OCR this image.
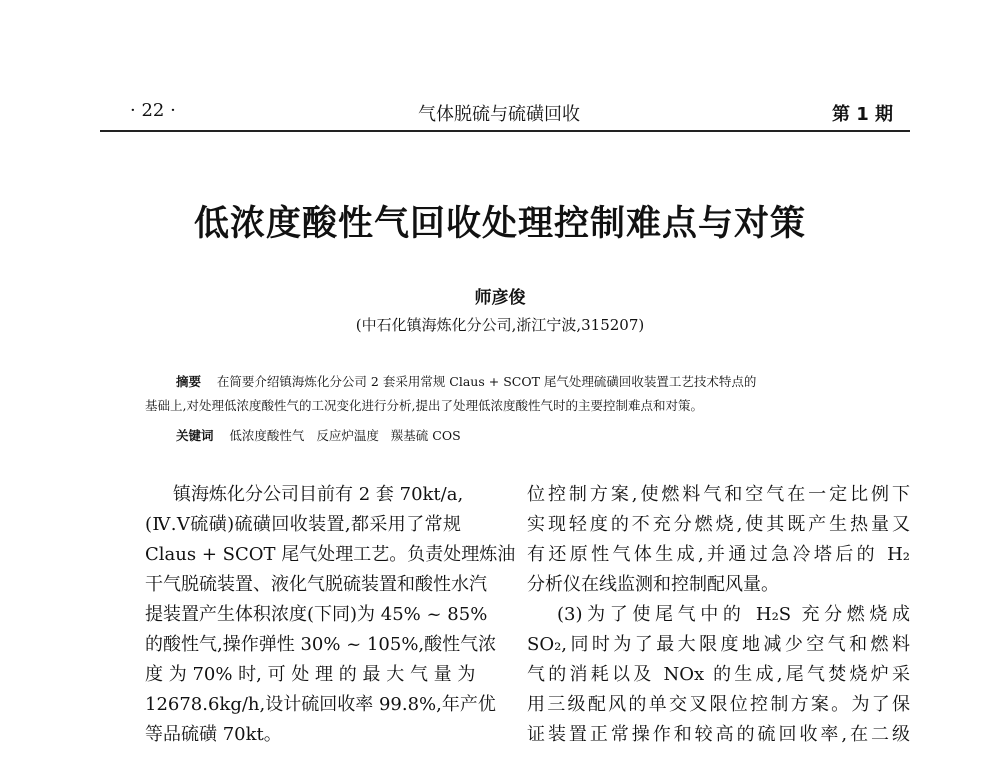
· 22 ·	气体脱硫与硫磺回收	第 1 期
低浓度酸性气回收处理控制难点与对策
师彦俊
(中石化镇海炼化分公司,浙江宁波,315207)
摘要 在简要介绍镇海炼化分公司 2 套采用常规 Claus + SCOT 尾气处理硫磺回收装置工艺技术特点的
基础上,对处理低浓度酸性气的工况变化进行分析,提出了处理低浓度酸性气时的主要控制难点和对策。
关键词 低浓度酸性气 反应炉温度 羰基硫 COS
镇海炼化分公司目前有 2 套 70kt/a,
(Ⅳ.Ⅴ硫磺)硫磺回收装置,都采用了常规
Claus + SCOT 尾气处理工艺。负责处理炼油
干气脱硫装置、液化气脱硫装置和酸性水汽
提装置产生体积浓度(下同)为 45% ~ 85%
的酸性气,操作弹性 30% ~ 105%,酸性气浓
度 为 70% 时, 可 处 理 的 最 大 气 量 为
12678.6kg/h,设计硫回收率 99.8%,年产优
等品硫磺 70kt。
位控制方案,使燃料气和空气在一定比例下
实现轻度的不充分燃烧,使其既产生热量又
有还原性气体生成,并通过急冷塔后的 H₂
分析仪在线监测和控制配风量。
(3)为了使尾气中的 H₂S 充分燃烧成
SO₂,同时为了最大限度地减少空气和燃料
气的消耗以及 NOx 的生成,尾气焚烧炉采
用三级配风的单交叉限位控制方案。为了保
证装置正常操作和较高的硫回收率,在二级
